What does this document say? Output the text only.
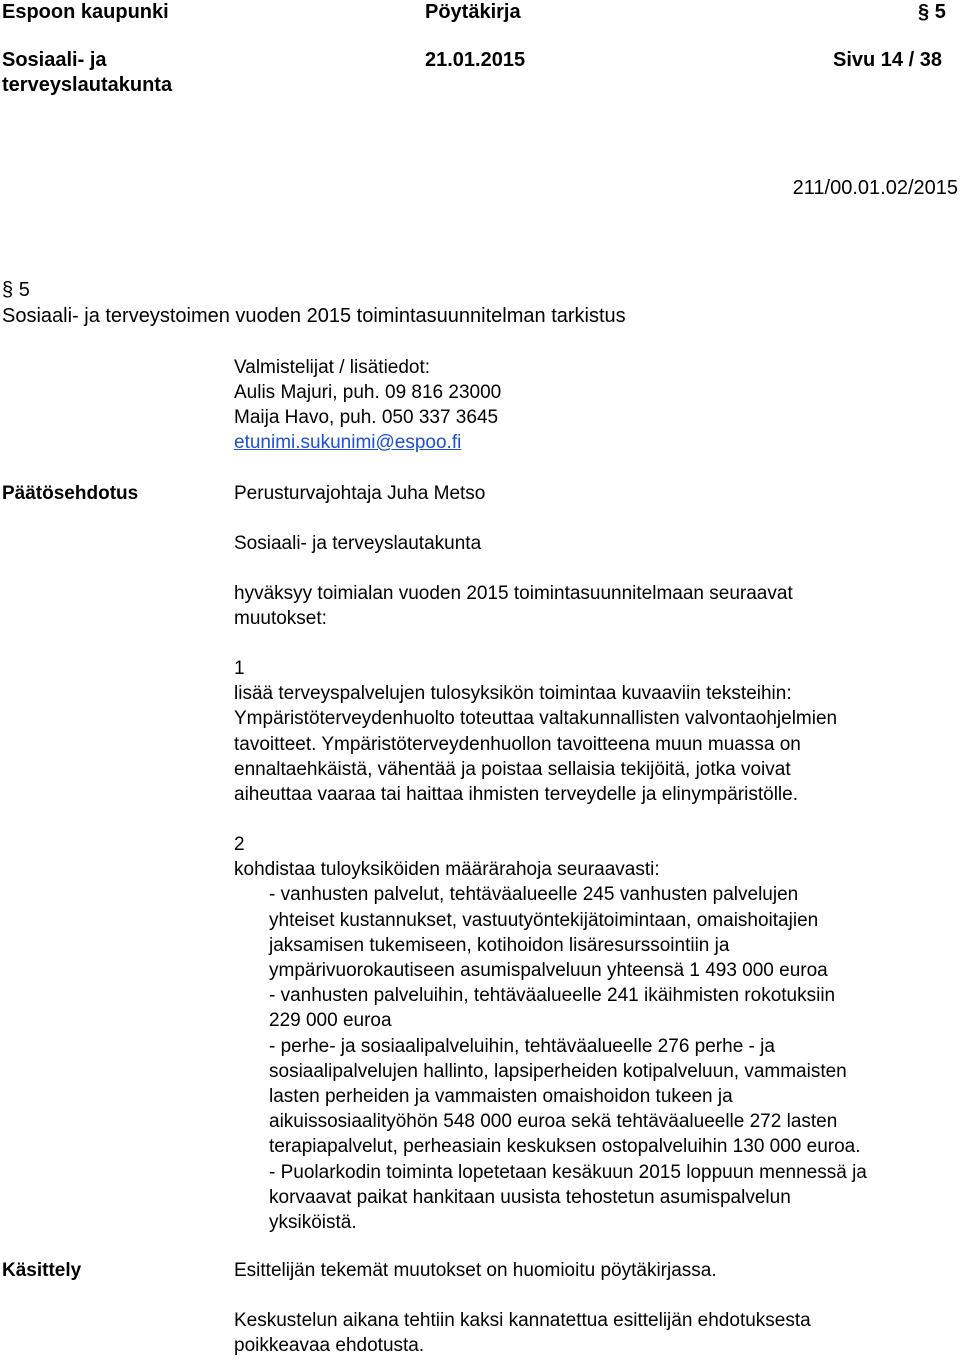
Espoon kaupunki	Pöytäkirja	§ 5
Sosiaali- ja
terveyslautakunta
21.01.2015	Sivu 14 / 38
211/00.01.02/2015
§ 5
Sosiaali- ja terveystoimen vuoden 2015 toimintasuunnitelman tarkistus
Valmistelijat / lisätiedot:
Aulis Majuri, puh. 09 816 23000
Maija Havo, puh. 050 337 3645
etunimi.sukunimi@espoo.fi
Päätösehdotus	Perusturvajohtaja Juha Metso
Sosiaali- ja terveyslautakunta
hyväksyy toimialan vuoden 2015 toimintasuunnitelmaan seuraavat
muutokset:
1
lisää terveyspalvelujen tulosyksikön toimintaa kuvaaviin teksteihin:
Ympäristöterveydenhuolto toteuttaa valtakunnallisten valvontaohjelmien
tavoitteet. Ympäristöterveydenhuollon tavoitteena muun muassa on
ennaltaehkäistä, vähentää ja poistaa sellaisia tekijöitä, jotka voivat
aiheuttaa vaaraa tai haittaa ihmisten terveydelle ja elinympäristölle.
2
kohdistaa tuloyksiköiden määrärahoja seuraavasti:
- vanhusten palvelut, tehtäväalueelle 245 vanhusten palvelujen
yhteiset kustannukset, vastuutyöntekijätoimintaan, omaishoitajien
jaksamisen tukemiseen, kotihoidon lisäresurssointiin ja
ympärivuorokautiseen asumispalveluun yhteensä 1 493 000 euroa
- vanhusten palveluihin, tehtäväalueelle 241 ikäihmisten rokotuksiin
229 000 euroa
- perhe- ja sosiaalipalveluihin, tehtäväalueelle 276 perhe - ja
sosiaalipalvelujen hallinto, lapsiperheiden kotipalveluun, vammaisten
lasten perheiden ja vammaisten omaishoidon tukeen ja
aikuissosiaalityöhön 548 000 euroa sekä tehtäväalueelle 272 lasten
terapiapalvelut, perheasiain keskuksen ostopalveluihin 130 000 euroa.
- Puolarkodin toiminta lopetetaan kesäkuun 2015 loppuun mennessä ja
korvaavat paikat hankitaan uusista tehostetun asumispalvelun
yksiköistä.
Käsittely	Esittelijän tekemät muutokset on huomioitu pöytäkirjassa.
Keskustelun aikana tehtiin kaksi kannatettua esittelijän ehdotuksesta
poikkeavaa ehdotusta.
